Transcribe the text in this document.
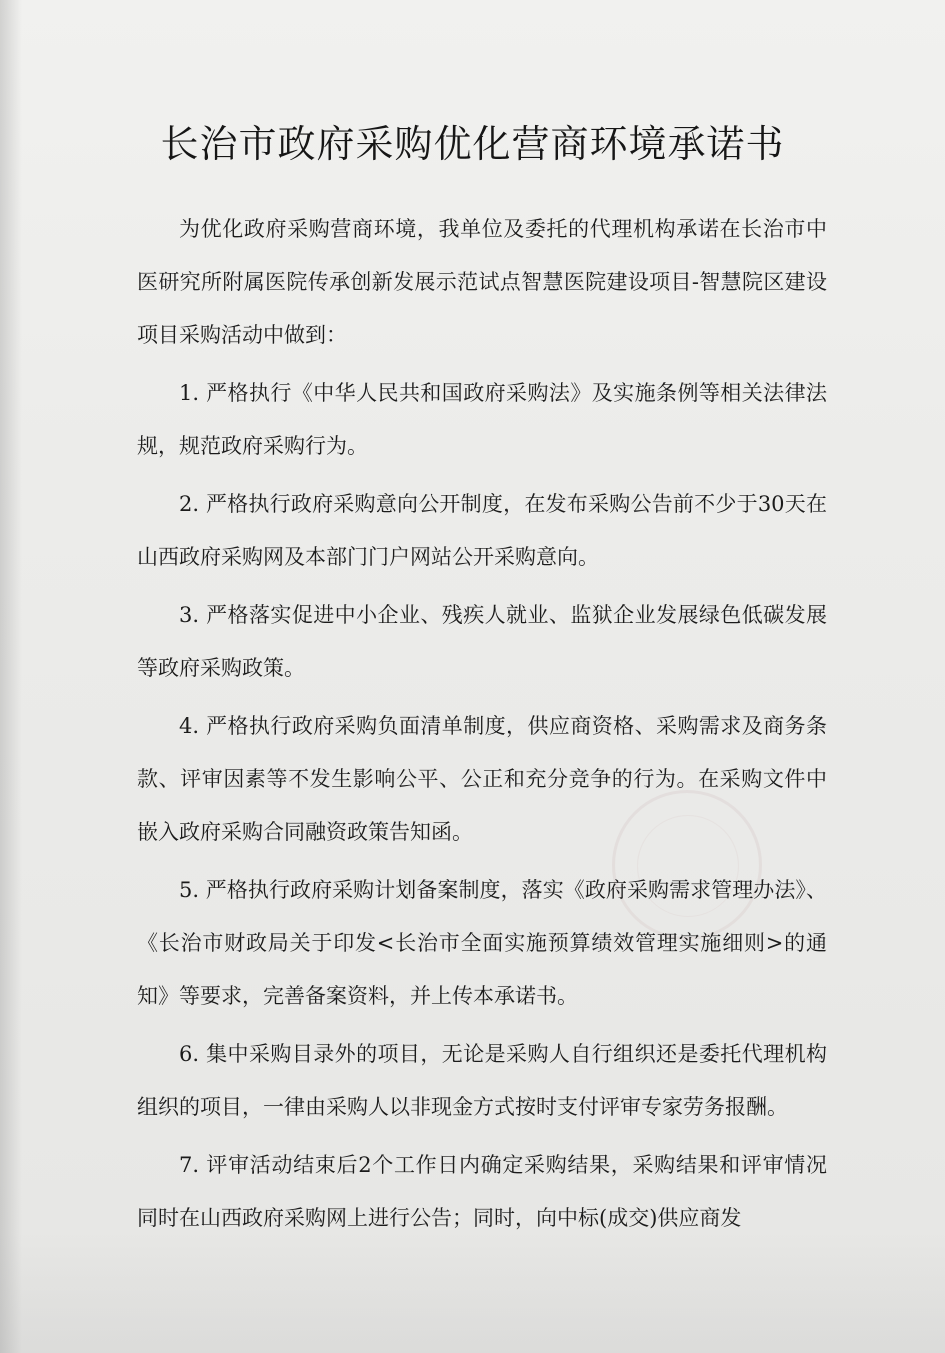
长治市政府采购优化营商环境承诺书

为优化政府采购营商环境，我单位及委托的代理机构承诺在长治市中医研究所附属医院传承创新发展示范试点智慧医院建设项目-智慧院区建设项目采购活动中做到：

1. 严格执行《中华人民共和国政府采购法》及实施条例等相关法律法规，规范政府采购行为。

2. 严格执行政府采购意向公开制度，在发布采购公告前不少于30天在山西政府采购网及本部门门户网站公开采购意向。

3. 严格落实促进中小企业、残疾人就业、监狱企业发展绿色低碳发展等政府采购政策。

4. 严格执行政府采购负面清单制度，供应商资格、采购需求及商务条款、评审因素等不发生影响公平、公正和充分竞争的行为。在采购文件中嵌入政府采购合同融资政策告知函。

5. 严格执行政府采购计划备案制度，落实《政府采购需求管理办法》、《长治市财政局关于印发<长治市全面实施预算绩效管理实施细则>的通知》等要求，完善备案资料，并上传本承诺书。

6. 集中采购目录外的项目，无论是采购人自行组织还是委托代理机构组织的项目，一律由采购人以非现金方式按时支付评审专家劳务报酬。

7. 评审活动结束后2个工作日内确定采购结果，采购结果和评审情况同时在山西政府采购网上进行公告；同时，向中标(成交)供应商发
